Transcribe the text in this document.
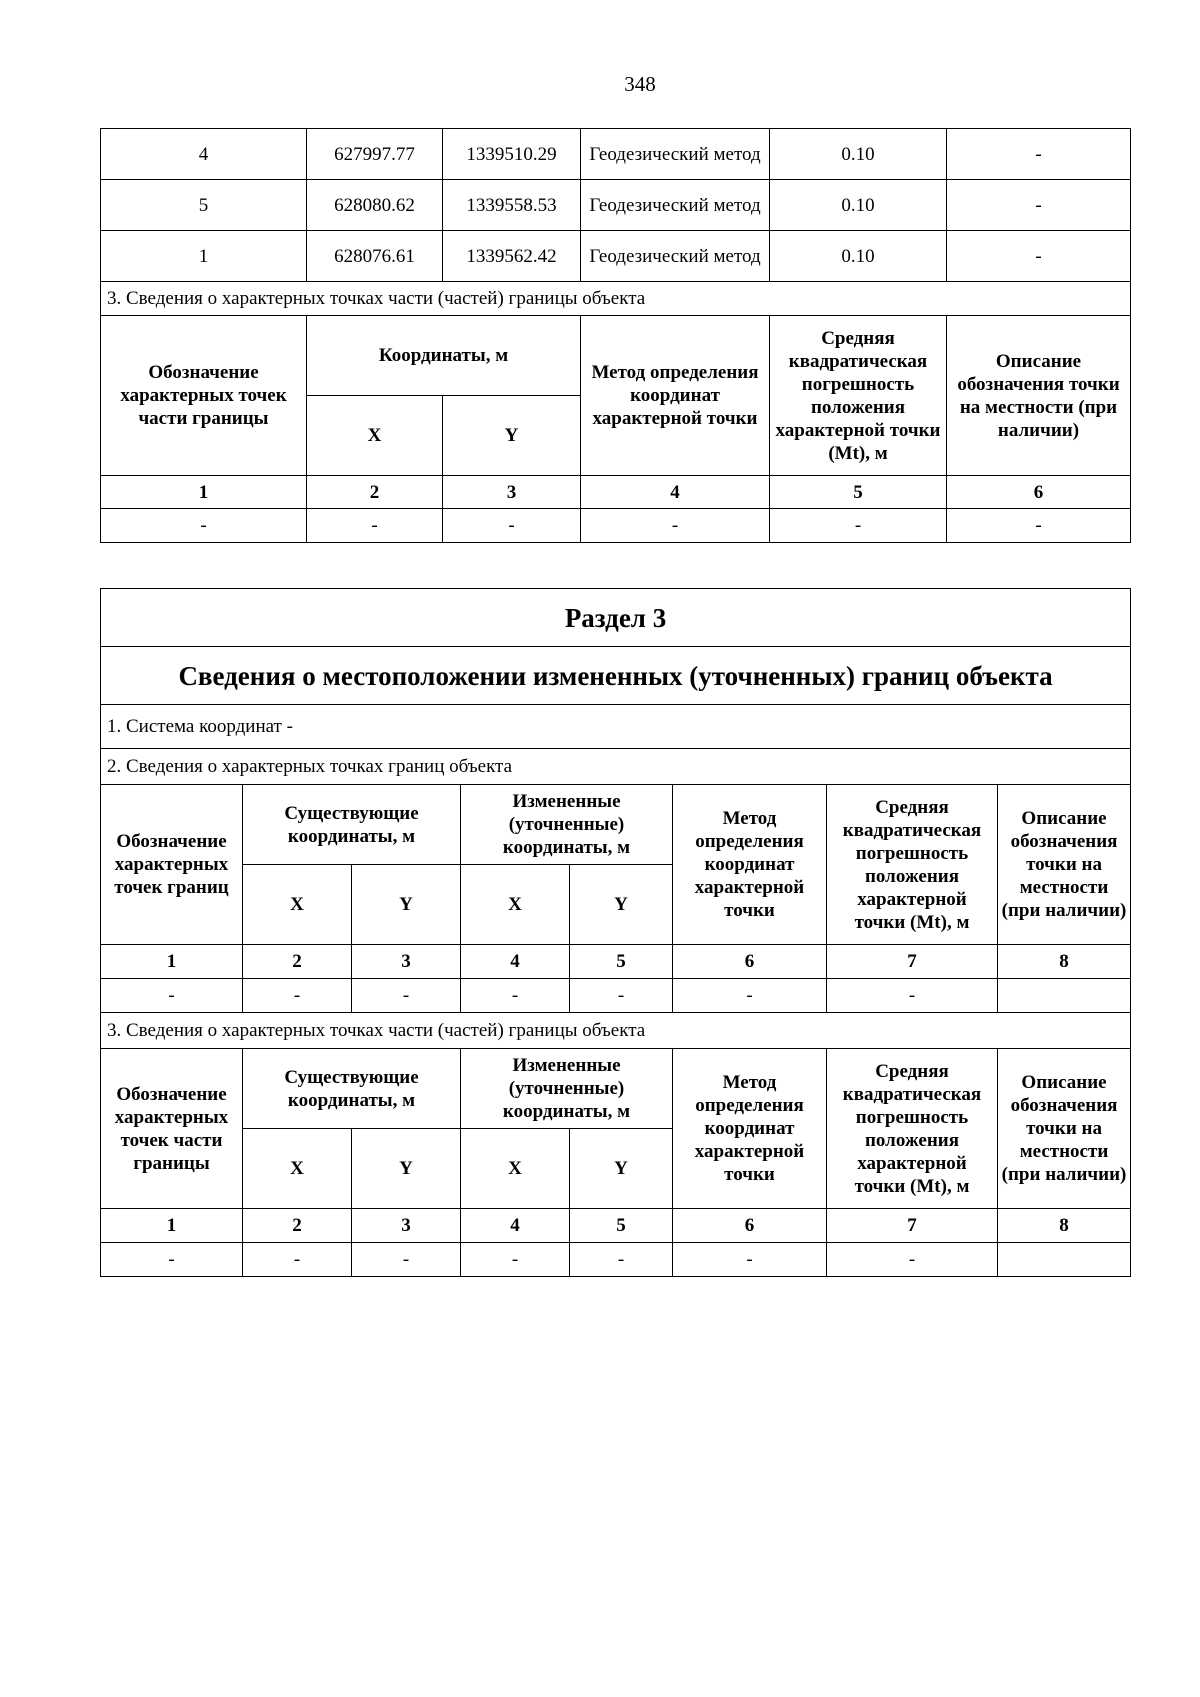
348
4	627997.77	1339510.29	Геодезический метод	0.10	-
5	628080.62	1339558.53	Геодезический метод	0.10	-
1	628076.61	1339562.42	Геодезический метод	0.10	-
3. Сведения о характерных точках части (частей) границы объекта					
Обозначение характерных точек части границы	Координаты, м		Метод определения координат характерной точки	Средняя квадратическая погрешность положения характерной точки (Mt), м	Описание обозначения точки на местности (при наличии)
	X	Y			
1	2	3	4	5	6
-	-	-	-	-	-
Раздел 3							
Сведения о местоположении измененных (уточненных) границ объекта							
1. Система координат -							
2. Сведения о характерных точках границ объекта							
Обозначение характерных точек границ	Существующие координаты, м		Измененные (уточненные) координаты, м		Метод определения координат характерной точки	Средняя квадратическая погрешность положения характерной точки (Mt), м	Описание обозначения точки на местности (при наличии)
	X	Y	X	Y			
1	2	3	4	5	6	7	8
-	-	-	-	-	-	-	
3. Сведения о характерных точках части (частей) границы объекта							
Обозначение характерных точек части границы	Существующие координаты, м		Измененные (уточненные) координаты, м		Метод определения координат характерной точки	Средняя квадратическая погрешность положения характерной точки (Mt), м	Описание обозначения точки на местности (при наличии)
	X	Y	X	Y			
1	2	3	4	5	6	7	8
-	-	-	-	-	-	-	
